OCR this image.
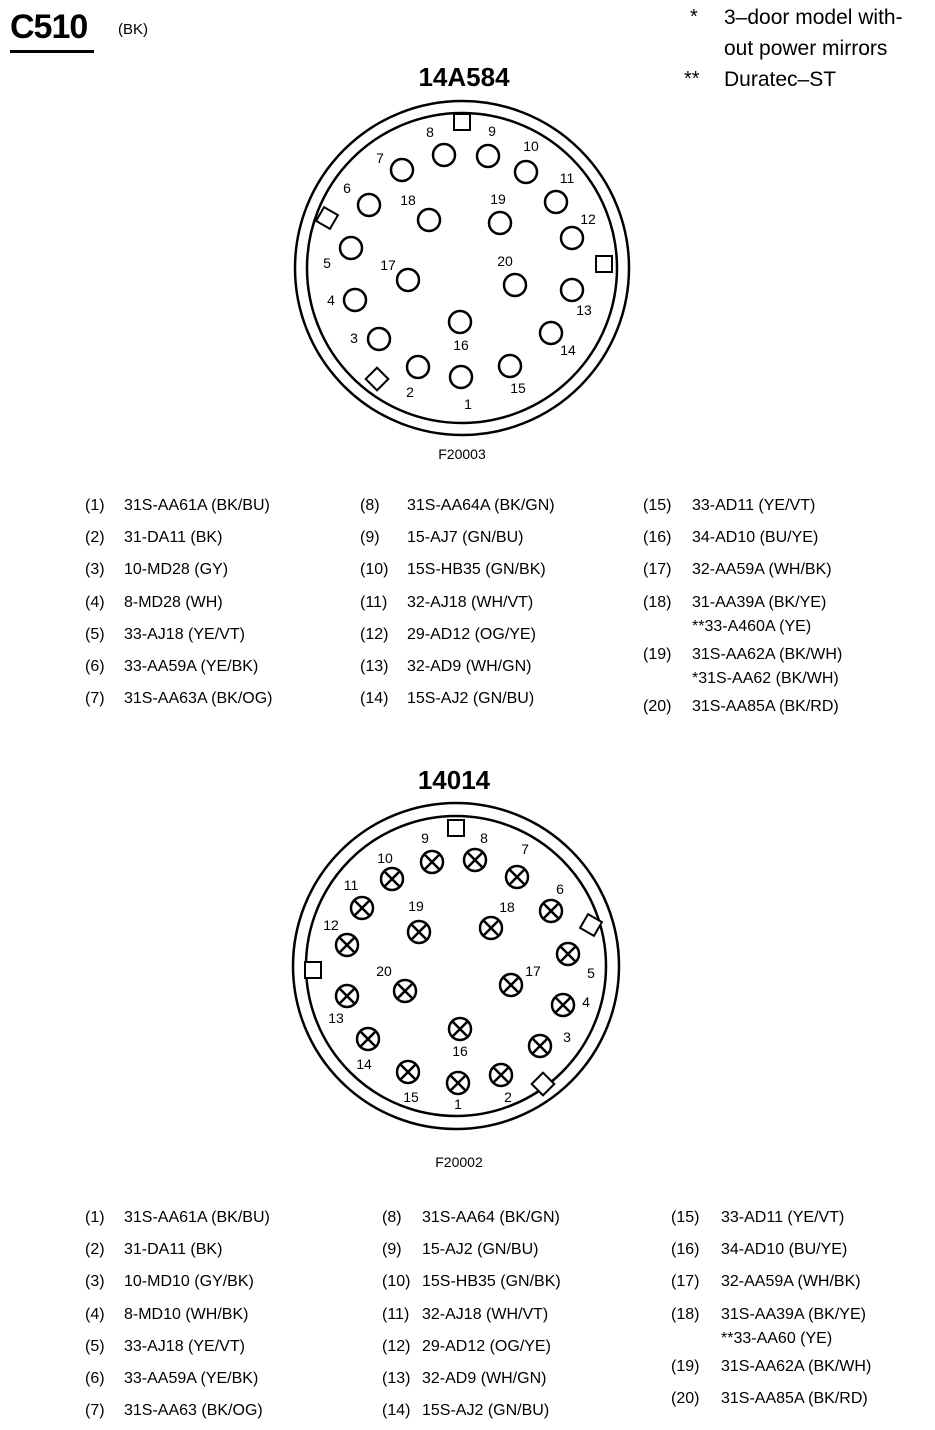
C510 (BK)
* 3–door model with-
out power mirrors
** Duratec–ST
14A584
F20003
14014
F20002
1
2
3
4
5
6
7
8	9
10
11
12
13
14
15
16
17
18	19
20
1	2
3
4
5
6
7
8
9
10
11
12
13
14
15
16
17
18
19
20
(1)	31S-AA61A (BK/BU)
(2)	31-DA11 (BK)
(3)	10-MD28 (GY)
(4)	8-MD28 (WH)
(5)	33-AJ18 (YE/VT)
(6)	33-AA59A (YE/BK)
(7)	31S-AA63A (BK/OG)
(8)	31S-AA64A (BK/GN)
(9)	15-AJ7 (GN/BU)
(10)	15S-HB35 (GN/BK)
(11)	32-AJ18 (WH/VT)
(12)	29-AD12 (OG/YE)
(13)	32-AD9 (WH/GN)
(14)	15S-AJ2 (GN/BU)
(15)	33-AD11 (YE/VT)
(16)	34-AD10 (BU/YE)
(17)	32-AA59A (WH/BK)
(18)	31-AA39A (BK/YE)
**33-A460A (YE)
(19)	31S-AA62A (BK/WH)
*31S-AA62 (BK/WH)
(20)	31S-AA85A (BK/RD)
(1)	31S-AA61A (BK/BU)
(2)	31-DA11 (BK)
(3)	10-MD10 (GY/BK)
(4)	8-MD10 (WH/BK)
(5)	33-AJ18 (YE/VT)
(6)	33-AA59A (YE/BK)
(7)	31S-AA63 (BK/OG)
(8)	31S-AA64 (BK/GN)
(9)	15-AJ2 (GN/BU)
(10) 15S-HB35 (GN/BK)
(11) 32-AJ18 (WH/VT)
(12) 29-AD12 (OG/YE)
(13) 32-AD9 (WH/GN)
(14) 15S-AJ2 (GN/BU)
(15)	33-AD11 (YE/VT)
(16)	34-AD10 (BU/YE)
(17)	32-AA59A (WH/BK)
(18)	31S-AA39A (BK/YE)
**33-AA60 (YE)
(19)	31S-AA62A (BK/WH)
(20)	31S-AA85A (BK/RD)
